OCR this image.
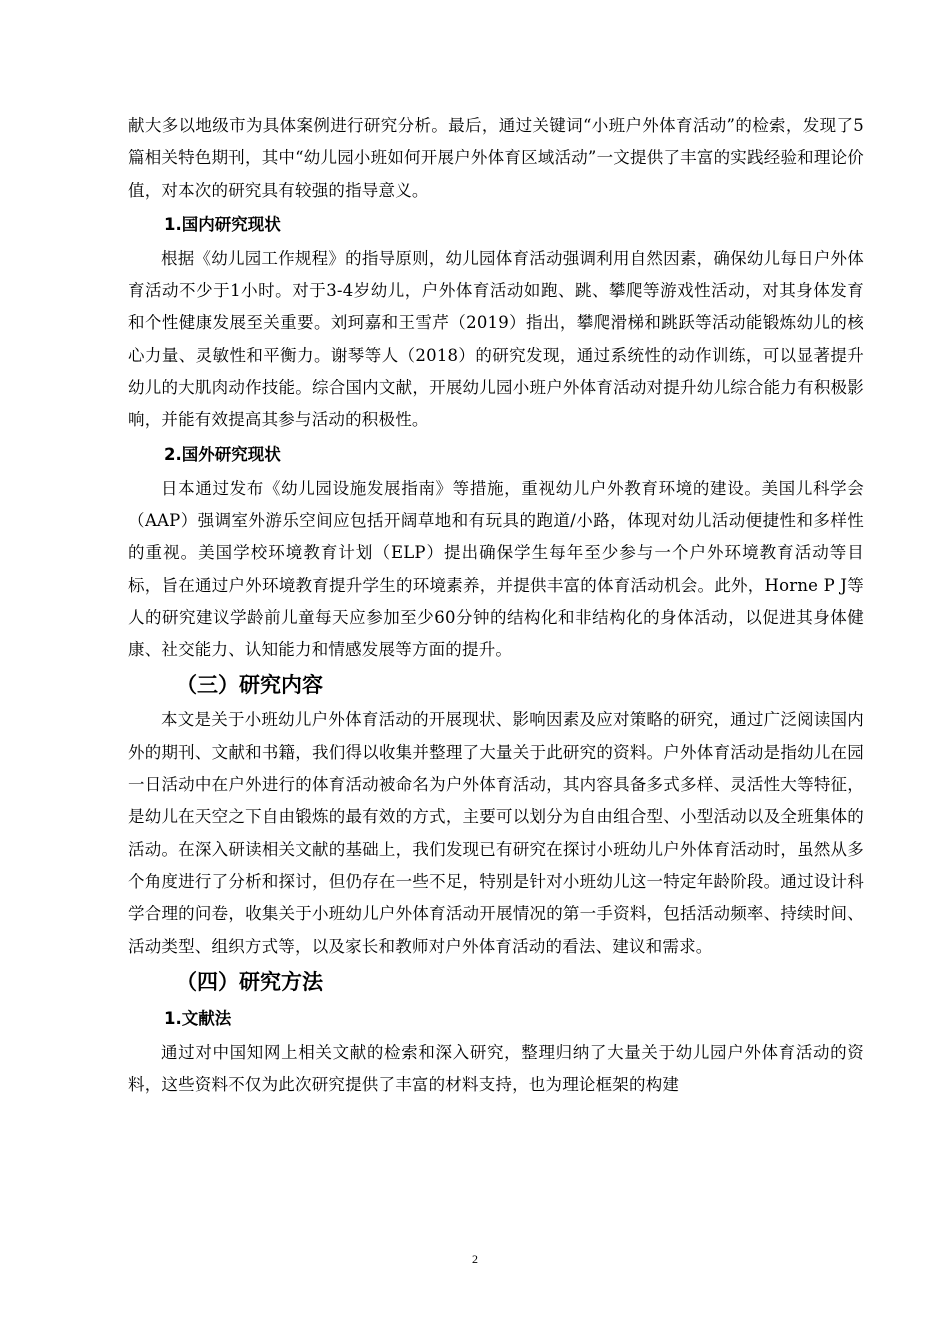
献大多以地级市为具体案例进行研究分析。最后，通过关键词“小班户外体育活动”的检索，发现了5篇相关特色期刊，其中“幼儿园小班如何开展户外体育区域活动”一文提供了丰富的实践经验和理论价值，对本次的研究具有较强的指导意义。

1.国内研究现状

根据《幼儿园工作规程》的指导原则，幼儿园体育活动强调利用自然因素，确保幼儿每日户外体育活动不少于1小时。对于3-4岁幼儿，户外体育活动如跑、跳、攀爬等游戏性活动，对其身体发育和个性健康发展至关重要。刘珂嘉和王雪芹（2019）指出，攀爬滑梯和跳跃等活动能锻炼幼儿的核心力量、灵敏性和平衡力。谢琴等人（2018）的研究发现，通过系统性的动作训练，可以显著提升幼儿的大肌肉动作技能。综合国内文献，开展幼儿园小班户外体育活动对提升幼儿综合能力有积极影响，并能有效提高其参与活动的积极性。

2.国外研究现状

日本通过发布《幼儿园设施发展指南》等措施，重视幼儿户外教育环境的建设。美国儿科学会（AAP）强调室外游乐空间应包括开阔草地和有玩具的跑道/小路，体现对幼儿活动便捷性和多样性的重视。美国学校环境教育计划（ELP）提出确保学生每年至少参与一个户外环境教育活动等目标，旨在通过户外环境教育提升学生的环境素养，并提供丰富的体育活动机会。此外，Horne P J等人的研究建议学龄前儿童每天应参加至少60分钟的结构化和非结构化的身体活动，以促进其身体健康、社交能力、认知能力和情感发展等方面的提升。

（三）研究内容

本文是关于小班幼儿户外体育活动的开展现状、影响因素及应对策略的研究，通过广泛阅读国内外的期刊、文献和书籍，我们得以收集并整理了大量关于此研究的资料。户外体育活动是指幼儿在园一日活动中在户外进行的体育活动被命名为户外体育活动，其内容具备多式多样、灵活性大等特征，是幼儿在天空之下自由锻炼的最有效的方式，主要可以划分为自由组合型、小型活动以及全班集体的活动。在深入研读相关文献的基础上，我们发现已有研究在探讨小班幼儿户外体育活动时，虽然从多个角度进行了分析和探讨，但仍存在一些不足，特别是针对小班幼儿这一特定年龄阶段。通过设计科学合理的问卷，收集关于小班幼儿户外体育活动开展情况的第一手资料，包括活动频率、持续时间、活动类型、组织方式等，以及家长和教师对户外体育活动的看法、建议和需求。

（四）研究方法
1.文献法

通过对中国知网上相关文献的检索和深入研究，整理归纳了大量关于幼儿园户外体育活动的资料，这些资料不仅为此次研究提供了丰富的材料支持，也为理论框架的构建

2
